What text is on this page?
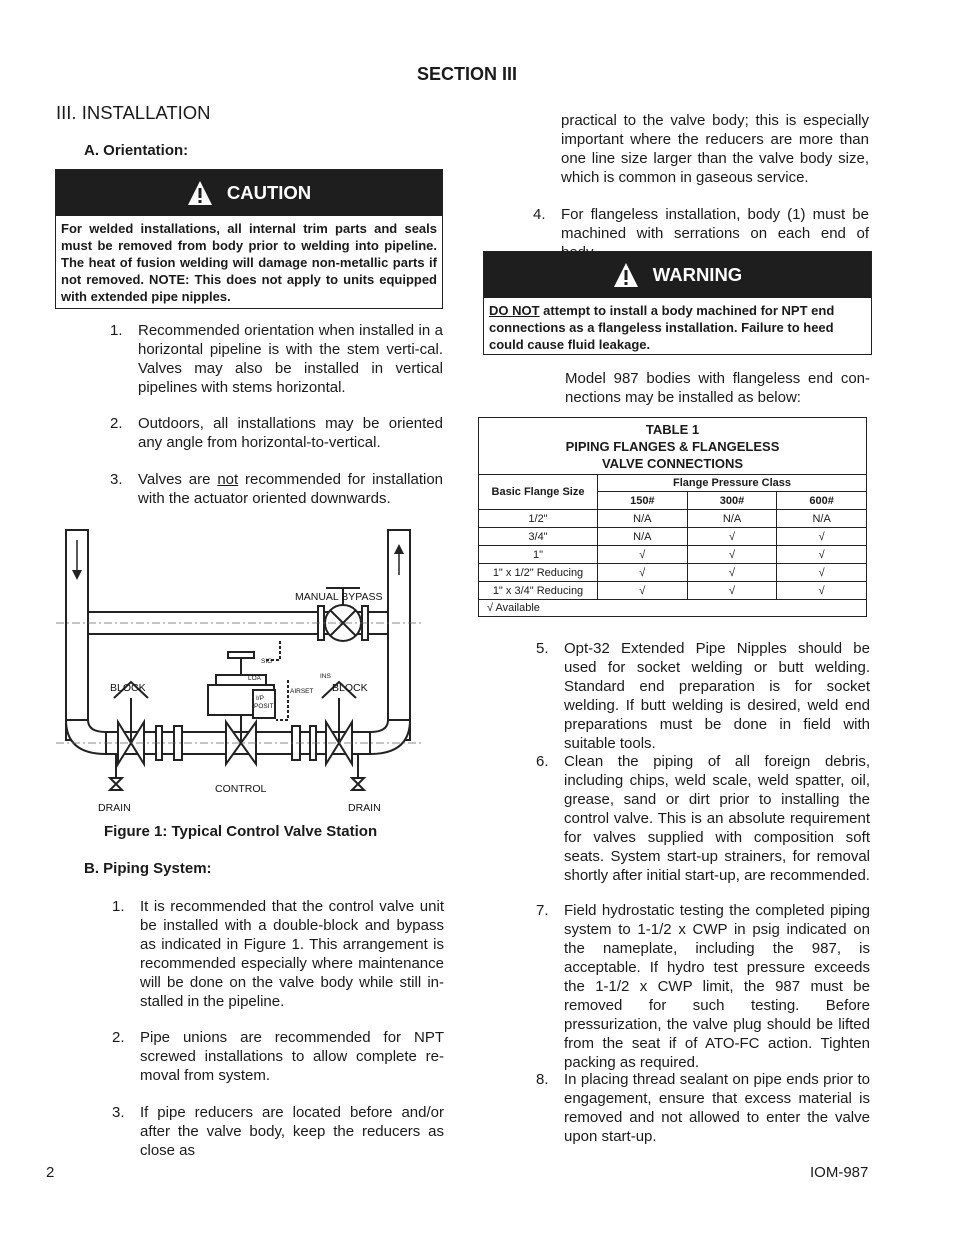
SECTION III
III. INSTALLATION
A. Orientation:
CAUTION
For welded installations, all internal trim parts and seals must be removed from body prior to welding into pipeline. The heat of fusion welding will damage non-metallic parts if not removed. NOTE: This does not apply to units equipped with extended pipe nipples.
1. Recommended orientation when installed in a horizontal pipeline is with the stem verti-cal. Valves may also be installed in vertical pipelines with stems horizontal.
2. Outdoors, all installations may be oriented any angle from horizontal-to-vertical.
3. Valves are not recommended for installation with the actuator oriented downwards.
MANUAL BYPASS
BLOCK	BLOCK
CONTROL
DRAIN	DRAIN
SIG
LOA	INS
AIRSET
I/P
POSIT
Figure 1: Typical Control Valve Station
B. Piping System:
1. It is recommended that the control valve unit be installed with a double-block and bypass as indicated in Figure 1. This arrangement is recommended especially where maintenance will be done on the valve body while still in-stalled in the pipeline.
2. Pipe unions are recommended for NPT screwed installations to allow complete re-moval from system.
3. If pipe reducers are located before and/or after the valve body, keep the reducers as close as
practical to the valve body; this is especially important where the reducers are more than one line size larger than the valve body size, which is common in gaseous service.
4. For flangeless installation, body (1) must be machined with serrations on each end of
WARNING
DO NOT attempt to install a body machined for NPT end connections as a flangeless installation. Failure to heed could cause fluid leakage.
Model 987 bodies with flangeless end con-nections may be installed as below:
TABLE 1
PIPING FLANGES & FLANGELESS
VALVE CONNECTIONS			

Basic Flange Size	Flange Pressure Class		
	150#	300#	600#
1/2"	N/A	N/A	N/A
3/4"	N/A	√	√
1"	√	√	√
1" x 1/2" Reducing	√	√	√
1" x 3/4" Reducing	√	√	√
√ Available			
5. Opt-32 Extended Pipe Nipples should be used for socket welding or butt welding. Standard end preparation is for socket welding. If butt welding is desired, weld end preparations must be done in field with suitable tools.
6. Clean the piping of all foreign debris, including chips, weld scale, weld spatter, oil, grease, sand or dirt prior to installing the control valve. This is an absolute requirement for valves supplied with composition soft seats. System start-up strainers, for removal shortly after initial start-up, are recommended.
7. Field hydrostatic testing the completed piping system to 1-1/2 x CWP in psig indicated on the nameplate, including the 987, is acceptable. If hydro test pressure exceeds the 1-1/2 x CWP limit, the 987 must be removed for such testing. Before pressurization, the valve plug should be lifted from the seat if of ATO-FC action. Tighten packing as required.
8. In placing thread sealant on pipe ends prior to engagement, ensure that excess material is removed and not allowed to enter the valve upon start-up.
2	IOM-987
